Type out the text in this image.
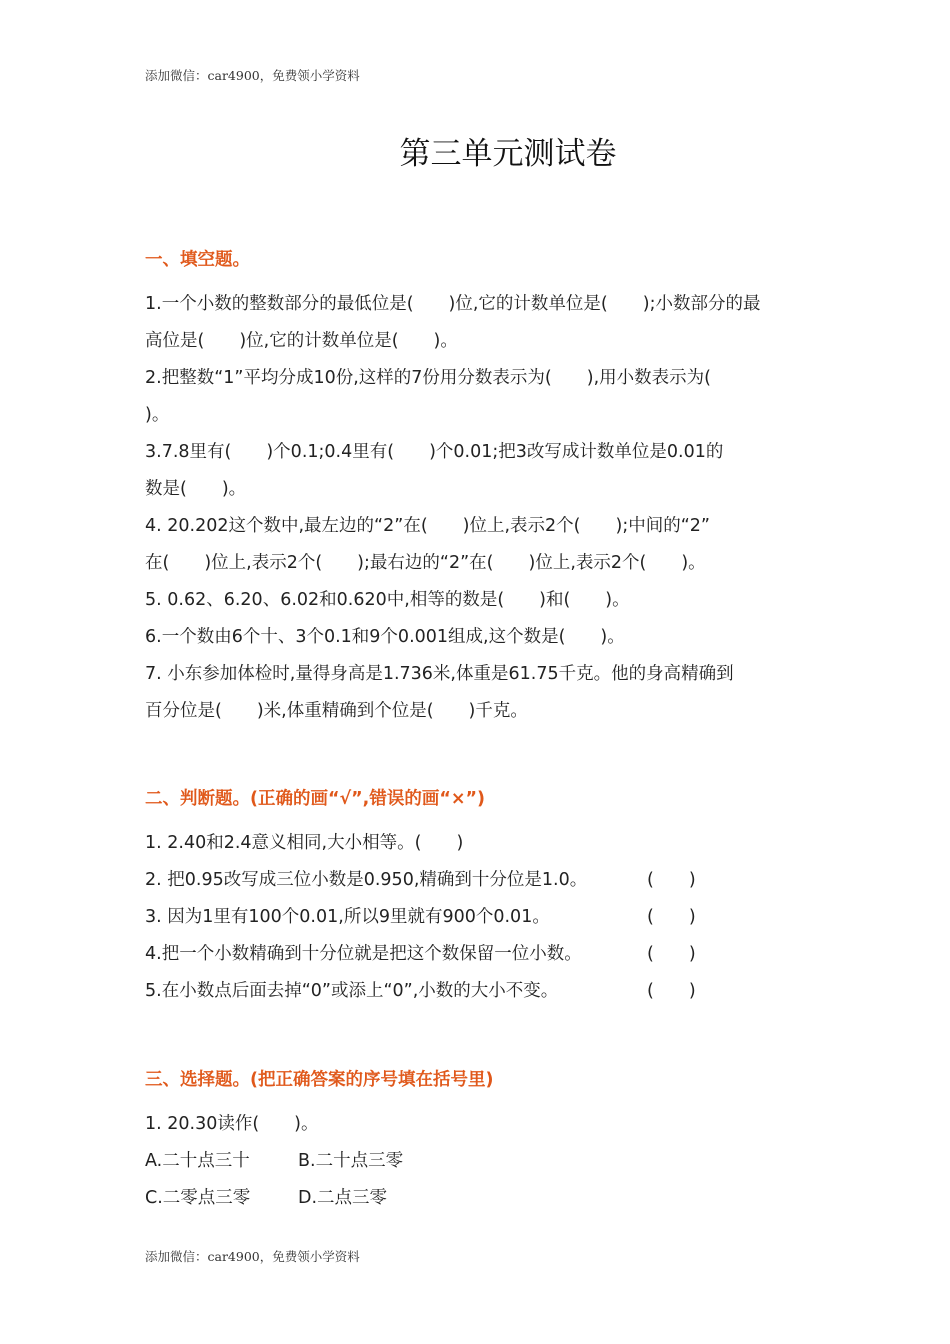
添加微信：car4900，免费领小学资料
第三单元测试卷
一、填空题。
1.一个小数的整数部分的最低位是(　　)位,它的计数单位是(　　);小数部分的最
高位是(　　)位,它的计数单位是(　　)。
2.把整数“1”平均分成10份,这样的7份用分数表示为(　　),用小数表示为(
)。
3.7.8里有(　　)个0.1;0.4里有(　　)个0.01;把3改写成计数单位是0.01的
数是(　　)。
4. 20.202这个数中,最左边的“2”在(　　)位上,表示2个(　　);中间的“2”
在(　　)位上,表示2个(　　);最右边的“2”在(　　)位上,表示2个(　　)。
5. 0.62、6.20、6.02和0.620中,相等的数是(　　)和(　　)。
6.一个数由6个十、3个0.1和9个0.001组成,这个数是(　　)。
7. 小东参加体检时,量得身高是1.736米,体重是61.75千克。他的身高精确到
百分位是(　　)米,体重精确到个位是(　　)千克。
二、判断题。(正确的画“√”,错误的画“×”)
1. 2.40和2.4意义相同,大小相等。(　　)
2. 把0.95改写成三位小数是0.950,精确到十分位是1.0。	(　　)
3. 因为1里有100个0.01,所以9里就有900个0.01。	(　　)
4.把一个小数精确到十分位就是把这个数保留一位小数。	(　　)
5.在小数点后面去掉“0”或添上“0”,小数的大小不变。	(　　)
三、选择题。(把正确答案的序号填在括号里)
1. 20.30读作(　　)。
A.二十点三十	B.二十点三零
C.二零点三零	D.二点三零
添加微信：car4900，免费领小学资料
